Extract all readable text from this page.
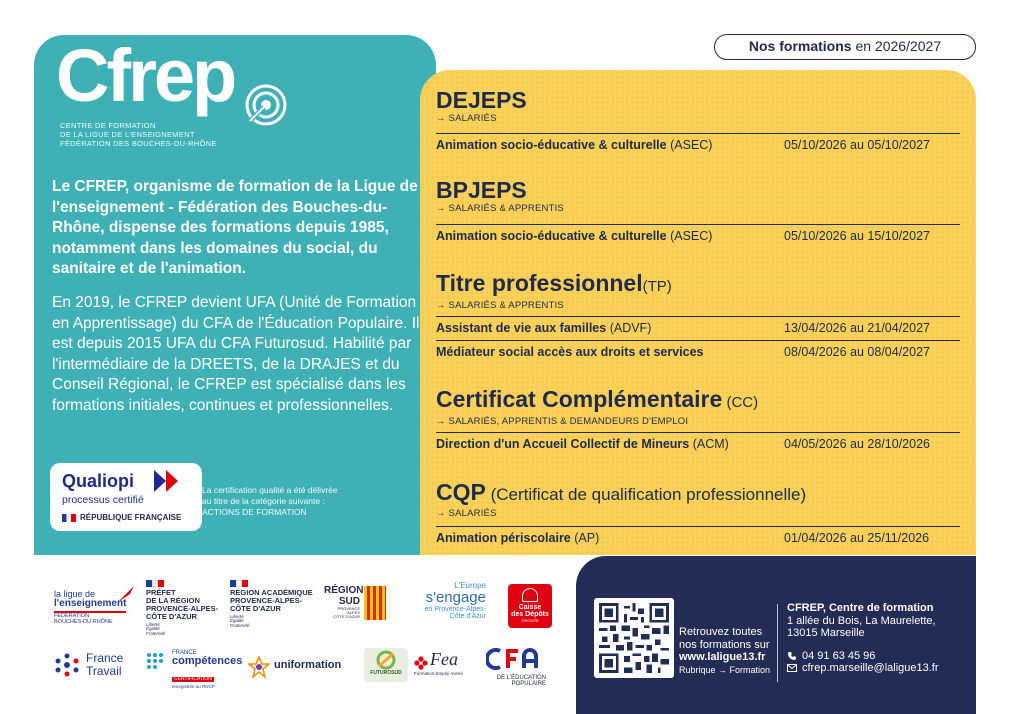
Cfrep
CENTRE DE FORMATION
DE LA LIGUE DE L'ENSEIGNEMENT
FÉDÉRATION DES BOUCHES-DU-RHÔNE

Le CFREP, organisme de formation de la Ligue de l'enseignement - Fédération des Bouches-du-Rhône, dispense des formations depuis 1985, notamment dans les domaines du social, du sanitaire et de l'animation.

En 2019, le CFREP devient UFA (Unité de Formation en Apprentissage) du CFA de l'Éducation Populaire. Il est depuis 2015 UFA du CFA Futurosud. Habilité par l'intermédiaire de la DREETS, de la DRAJES et du Conseil Régional, le CFREP est spécialisé dans les formations initiales, continues et professionnelles.

Qualiopi
processus certifié
RÉPUBLIQUE FRANÇAISE

La certification qualité a été délivrée au titre de la catégorie suivante : ACTIONS DE FORMATION

Nos formations en 2026/2027
DEJEPS
→ SALARIÉS
Animation socio-éducative & culturelle (ASEC)	05/10/2026 au 05/10/2027
BPJEPS
→ SALARIÉS & APPRENTIS
Animation socio-éducative & culturelle (ASEC)	05/10/2026 au 15/10/2027
Titre professionnel(TP)
→ SALARIÉS & APPRENTIS
Assistant de vie aux familles (ADVF)	13/04/2026 au 21/04/2027
Médiateur social accès aux droits et services	08/04/2026 au 08/04/2027
Certificat Complémentaire (CC)
→ SALARIÉS, APPRENTIS & DEMANDEURS D'EMPLOI
Direction d'un Accueil Collectif de Mineurs (ACM)	04/05/2026 au 28/10/2026
CQP (Certificat de qualification professionnelle)
→ SALARIÉS
Animation périscolaire (AP)	01/04/2026 au 25/11/2026
la ligue de
l'enseignement
FÉDÉRATION
BOUCHES-DU-RHÔNE
PRÉFET
DE LA RÉGION
PROVENCE-ALPES-
CÔTE D'AZUR
Liberté
Égalité
Fraternité
RÉGION ACADÉMIQUE
PROVENCE-ALPES-
CÔTE D'AZUR
Liberté
Égalité
Fraternité
RÉGION
SUD
PROVENCE
ALPES
CÔTE D'AZUR
L'Europe
s'engage
en Provence-Alpes-
Côte d'Azur
Caisse
des Dépôts
GROUPE
France
Travail
FRANCE
compétences
CERTIFICATION
enregistrée au RNCP
uniformation
FUTUROSUD
Fea
Formation Emploi Avenir
DE L'ÉDUCATION
POPULAIRE
Retrouvez toutes
nos formations sur
www.laligue13.fr
Rubrique → Formation
CFREP, Centre de formation
1 allée du Bois, La Maurelette,
13015 Marseille
04 91 63 45 96
cfrep.marseille@laligue13.fr
